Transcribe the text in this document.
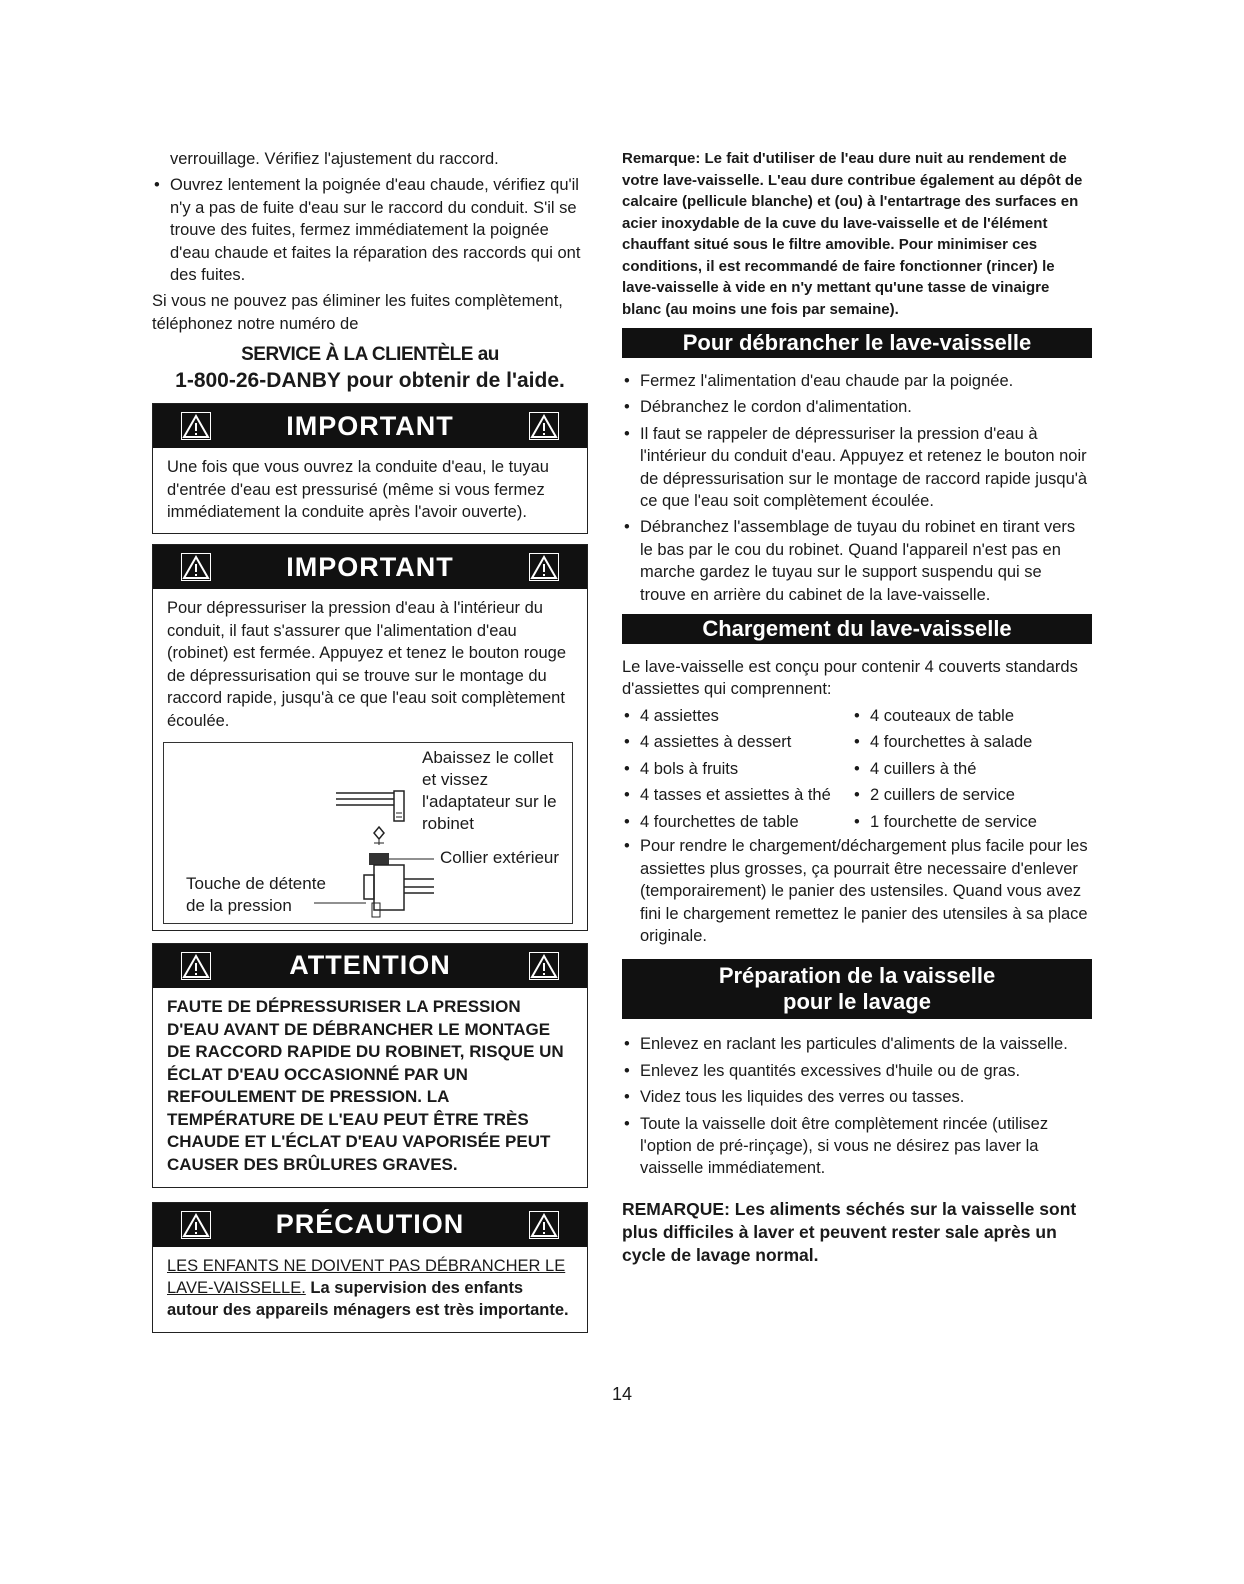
verrouillage. Vérifiez l'ajustement du raccord.

• Ouvrez lentement la poignée d'eau chaude, vérifiez qu'il n'y a pas de fuite d'eau sur le raccord du conduit. S'il se trouve des fuites, fermez immédiatement la poignée d'eau chaude et faites la réparation des raccords qui ont des fuites.

Si vous ne pouvez pas éliminer les fuites complètement, téléphonez notre numéro de

SERVICE À LA CLIENTÈLE au
1-800-26-DANBY pour obtenir de l'aide.
IMPORTANT
Une fois que vous ouvrez la conduite d'eau, le tuyau d'entrée d'eau est pressurisé (même si vous fermez immédiatement la conduite après l'avoir ouverte).
IMPORTANT
Pour dépressuriser la pression d'eau à l'intérieur du conduit, il faut s'assurer que l'alimentation d'eau (robinet) est fermée. Appuyez et tenez le bouton rouge de dépressurisation qui se trouve sur le montage du raccord rapide, jusqu'à ce que l'eau soit complètement écoulée.
Abaissez le collet et vissez l'adaptateur sur le robinet
Collier extérieur
Touche de détente de la pression
ATTENTION
FAUTE DE DÉPRESSURISER LA PRESSION D'EAU AVANT DE DÉBRANCHER LE MONTAGE DE RACCORD RAPIDE DU ROBINET, RISQUE UN ÉCLAT D'EAU OCCASIONNÉ PAR UN REFOULEMENT DE PRESSION. LA TEMPÉRATURE DE L'EAU PEUT ÊTRE TRÈS CHAUDE ET L'ÉCLAT D'EAU VAPORISÉE PEUT CAUSER DES BRÛLURES GRAVES.
PRÉCAUTION
LES ENFANTS NE DOIVENT PAS DÉBRANCHER LE LAVE-VAISSELLE. La supervision des enfants autour des appareils ménagers est très importante.

Remarque: Le fait d'utiliser de l'eau dure nuit au rendement de votre lave-vaisselle. L'eau dure contribue également au dépôt de calcaire (pellicule blanche) et (ou) à l'entartrage des surfaces en acier inoxydable de la cuve du lave-vaisselle et de l'élément chauffant situé sous le filtre amovible. Pour minimiser ces conditions, il est recommandé de faire fonctionner (rincer) le

lave-vaisselle à vide en n'y mettant qu'une tasse de vinaigre blanc (au moins une fois par semaine).

Pour débrancher le lave-vaisselle
• Fermez l'alimentation d'eau chaude par la poignée.
• Débranchez le cordon d'alimentation.
• Il faut se rappeler de dépressuriser la pression d'eau à l'intérieur du conduit d'eau. Appuyez et retenez le bouton noir de dépressurisation sur le montage de raccord rapide jusqu'à ce que l'eau soit complètement écoulée.
• Débranchez l'assemblage de tuyau du robinet en tirant vers le bas par le cou du robinet. Quand l'appareil n'est pas en marche gardez le tuyau sur le support suspendu qui se trouve en arrière du cabinet de la lave-vaisselle.
Chargement du lave-vaisselle

Le lave-vaisselle est conçu pour contenir 4 couverts standards d'assiettes qui comprennent:

• 4 assiettes	• 4 couteaux de table
• 4 assiettes à dessert	• 4 fourchettes à salade
• 4 bols à fruits	• 4 cuillers à thé
• 4 tasses et assiettes à thé	• 2 cuillers de service
• 4 fourchettes de table	• 1 fourchette de service
• Pour rendre le chargement/déchargement plus facile pour les assiettes plus grosses, ça pourrait être necessaire d'enlever (temporairement) le panier des ustensiles. Quand vous avez fini le chargement remettez le panier des utensiles à sa place originale.
Préparation de la vaisselle
pour le lavage
• Enlevez en raclant les particules d'aliments de la vaisselle.
• Enlevez les quantités excessives d'huile ou de gras.
• Videz tous les liquides des verres ou tasses.
• Toute la vaisselle doit être complètement rincée (utilisez l'option de pré-rinçage), si vous ne désirez pas laver la vaisselle immédiatement.

REMARQUE: Les aliments séchés sur la vaisselle sont plus difficiles à laver et peuvent rester sale après un cycle de lavage normal.

14
